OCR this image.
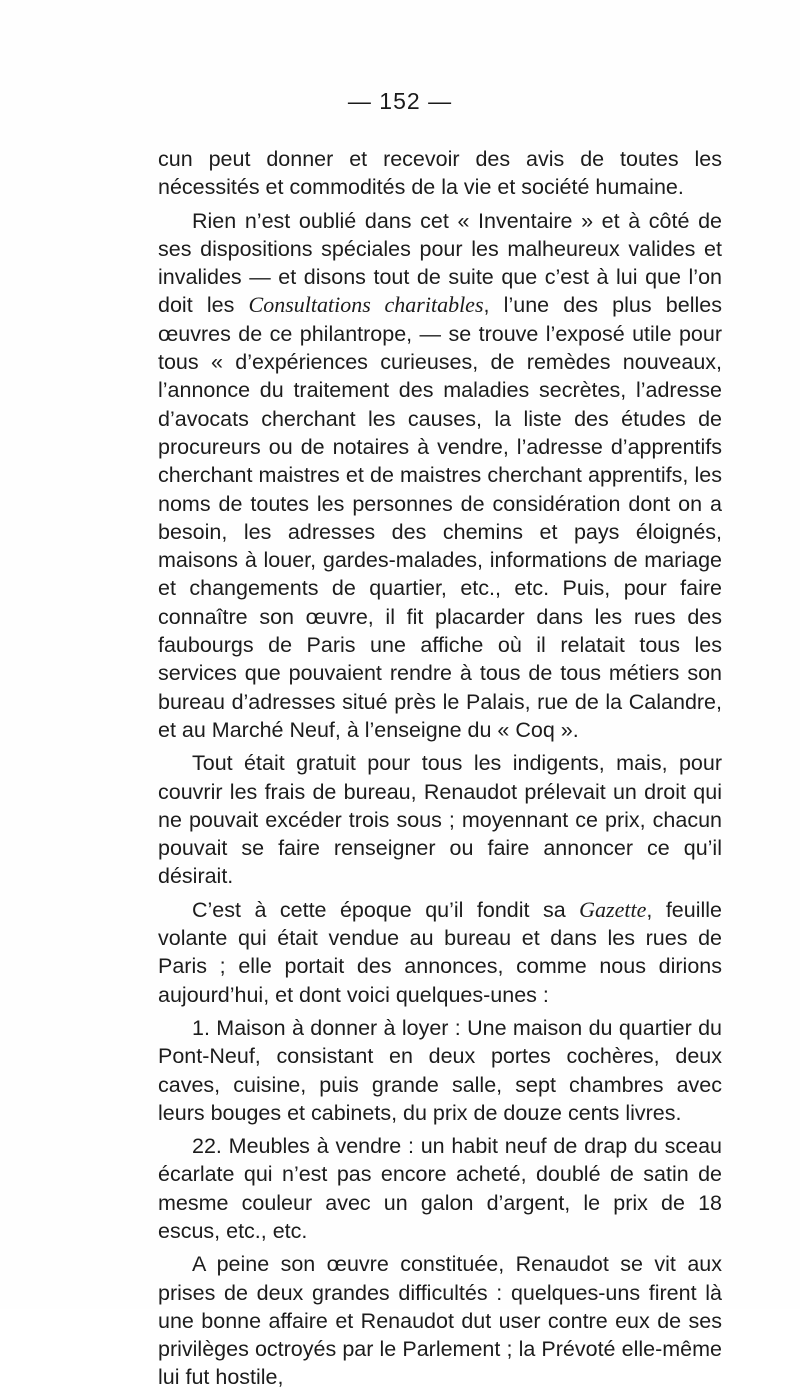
— 152 —

cun peut donner et recevoir des avis de toutes les nécessités et commodités de la vie et société humaine.

Rien n’est oublié dans cet « Inventaire » et à côté de ses dispositions spéciales pour les malheureux valides et invalides — et disons tout de suite que c’est à lui que l’on doit les Consultations charitables, l’une des plus belles œuvres de ce philantrope, — se trouve l’exposé utile pour tous « d’expériences curieuses, de remèdes nouveaux, l’annonce du traitement des maladies secrètes, l’adresse d’avocats cherchant les causes, la liste des études de procureurs ou de notaires à vendre, l’adresse d’apprentifs cherchant maistres et de maistres cherchant apprentifs, les noms de toutes les personnes de considération dont on a besoin, les adresses des chemins et pays éloignés, maisons à louer, gardes-malades, informations de mariage et changements de quartier, etc., etc. Puis, pour faire connaître son œuvre, il fit placarder dans les rues des faubourgs de Paris une affiche où il relatait tous les services que pouvaient rendre à tous de tous métiers son bureau d’adresses situé près le Palais, rue de la Calandre, et au Marché Neuf, à l’enseigne du « Coq ».

Tout était gratuit pour tous les indigents, mais, pour couvrir les frais de bureau, Renaudot prélevait un droit qui ne pouvait excéder trois sous ; moyennant ce prix, chacun pouvait se faire renseigner ou faire annoncer ce qu’il désirait.

C’est à cette époque qu’il fondit sa Gazette, feuille volante qui était vendue au bureau et dans les rues de Paris ; elle portait des annonces, comme nous dirions aujourd’hui, et dont voici quelques-unes :

1. Maison à donner à loyer : Une maison du quartier du Pont-Neuf, consistant en deux portes cochères, deux caves, cuisine, puis grande salle, sept chambres avec leurs bouges et cabinets, du prix de douze cents livres.

22. Meubles à vendre : un habit neuf de drap du sceau écarlate qui n’est pas encore acheté, doublé de satin de mesme couleur avec un galon d’argent, le prix de 18 escus, etc., etc.

A peine son œuvre constituée, Renaudot se vit aux prises de deux grandes difficultés : quelques-uns firent là une bonne affaire et Renaudot dut user contre eux de ses privilèges octroyés par le Parlement ; la Prévoté elle-même lui fut hostile,
